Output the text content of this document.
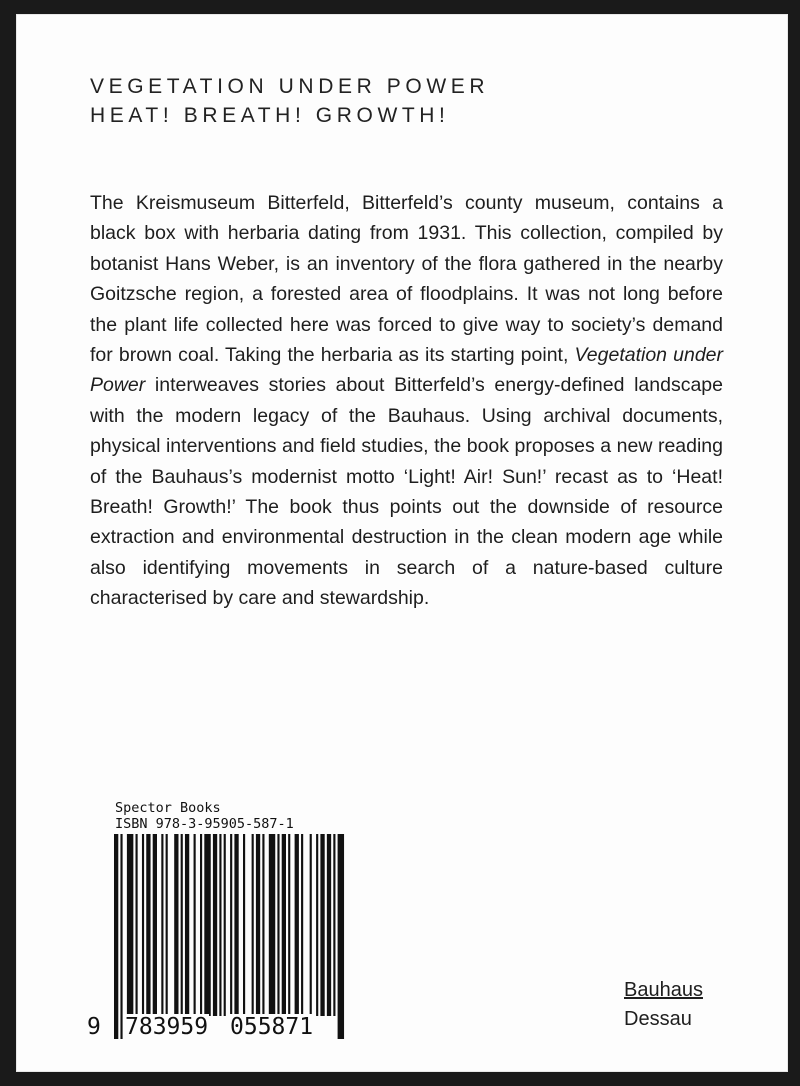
VEGETATION UNDER POWER
HEAT! BREATH! GROWTH!
The Kreismuseum Bitterfeld, Bitterfeld’s county museum, contains a black box with herbaria dating from 1931. This collection, compiled by botanist Hans Weber, is an inventory of the flora gathered in the nearby Goitzsche region, a forested area of floodplains. It was not long before the plant life collected here was forced to give way to society’s demand for brown coal. Taking the herbaria as its starting point, Vegetation under Power interweaves stories about Bitterfeld’s energy-defined landscape with the modern legacy of the Bauhaus. Using archival documents, physical interventions and field studies, the book proposes a new reading of the Bauhaus’s modernist motto ‘Light! Air! Sun!’ recast as to ‘Heat! Breath! Growth!’ The book thus points out the downside of resource extraction and environmental destruction in the clean modern age while also identifying movements in search of a nature-based culture characterised by care and stewardship.
Spector Books
ISBN 978-3-95905-587-1
9 783959 055871
Bauhaus
Dessau
